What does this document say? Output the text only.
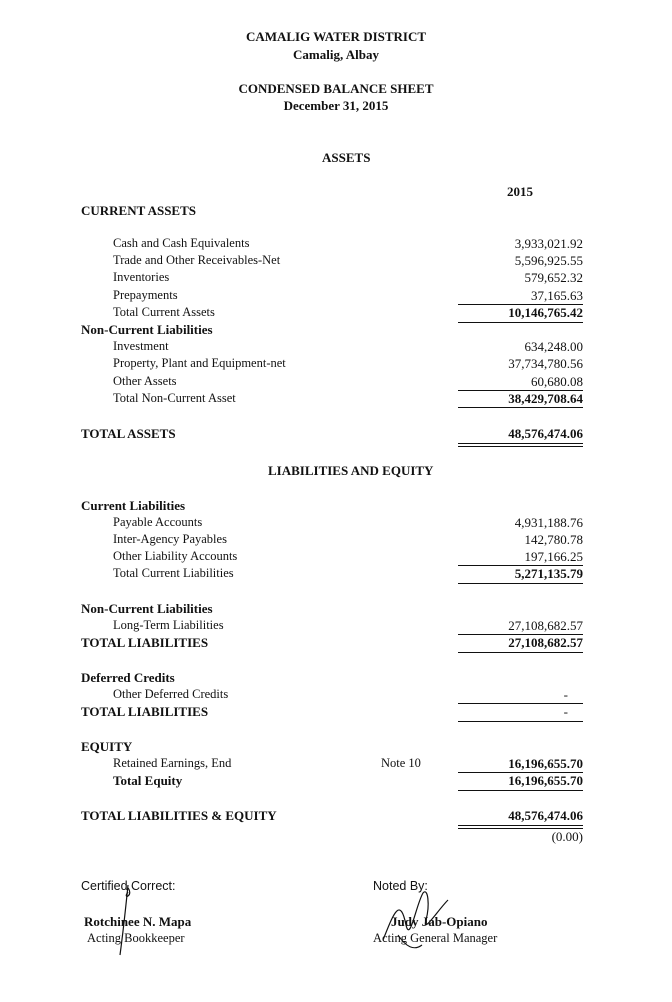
CAMALIG WATER DISTRICT
Camalig, Albay
CONDENSED BALANCE SHEET
December 31, 2015
ASSETS
2015
CURRENT ASSETS
Cash and Cash Equivalents	3,933,021.92
Trade and Other Receivables-Net	5,596,925.55
Inventories	579,652.32
Prepayments	37,165.63
Total Current Assets	10,146,765.42
Non-Current Liabilities
Investment	634,248.00
Property, Plant and Equipment-net	37,734,780.56
Other Assets	60,680.08
Total Non-Current Asset	38,429,708.64
TOTAL ASSETS	48,576,474.06
LIABILITIES AND EQUITY
Current Liabilities
Payable Accounts	4,931,188.76
Inter-Agency Payables	142,780.78
Other Liability Accounts	197,166.25
Total Current Liabilities	5,271,135.79
Non-Current Liabilities
Long-Term Liabilities	27,108,682.57
TOTAL LIABILITIES	27,108,682.57
Deferred Credits
Other Deferred Credits	-
TOTAL LIABILITIES	-
EQUITY
Retained Earnings, End	Note 10	16,196,655.70
Total Equity	16,196,655.70
TOTAL LIABILITIES & EQUITY	48,576,474.06
(0.00)
Certified Correct:
Rotchinee N. Mapa
Acting Bookkeeper
Noted By:
Judy Jab-Opiano
Acting General Manager
